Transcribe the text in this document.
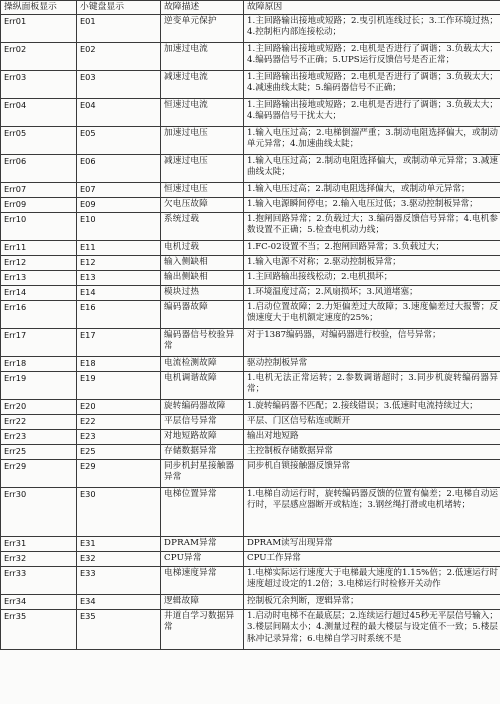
操纵面板显示	小键盘显示	故障描述	故障原因
Err01	E01	逆变单元保护	1.主回路输出接地或短路；2.曳引机连线过长；3.工作环境过热；4.控制柜内部连接松动；
Err02	E02	加速过电流	1.主回路输出接地或短路；2.电机是否进行了调谐；3.负载太大；4.编码器信号不正确；5.UPS运行反馈信号是否正常；
Err03	E03	减速过电流	1.主回路输出接地或短路；2.电机是否进行了调谐；3.负载太大；4.减速曲线太陡；5.编码器信号不正确；
Err04	E04	恒速过电流	1.主回路输出接地或短路；2.电机是否进行了调谐；3.负载太大；4.编码器信号干扰太大；
Err05	E05	加速过电压	1.输入电压过高；2.电梯倒溜严重；3.制动电阻选择偏大，或制动单元异常；4.加速曲线太陡；
Err06	E06	减速过电压	1.输入电压过高；2.制动电阻选择偏大，或制动单元异常；3.减速曲线太陡；
Err07	E07	恒速过电压	1.输入电压过高；2.制动电阻选择偏大，或制动单元异常；
Err09	E09	欠电压故障	1.输入电源瞬间停电；2.输入电压过低；3.驱动控制板异常；
Err10	E10	系统过载	1.抱闸回路异常；2.负载过大；3.编码器反馈信号异常；4.电机参数设置不正确；5.检查电机动力线；
Err11	E11	电机过载	1.FC-02设置不当；2.抱闸回路异常；3.负载过大；
Err12	E12	输入侧缺相	1.输入电源不对称；2.驱动控制板异常；
Err13	E13	输出侧缺相	1.主回路输出接线松动；2.电机损坏；
Err14	E14	模块过热	1.环境温度过高；2.风扇损坏；3.风道堵塞；
Err16	E16	编码器故障	1.启动位置故障；2.力矩偏差过大故障；3.速度偏差过大报警；反馈速度大于电机额定速度的25%；
Err17	E17	编码器信号校验异常	对于1387编码器，对编码器进行校验，信号异常；
Err18	E18	电流检测故障	驱动控制板异常
Err19	E19	电机调谐故障	1.电机无法正常运转；2.参数调谐超时；3.同步机旋转编码器异常；
Err20	E20	旋转编码器故障	1.旋转编码器不匹配；2.接线错误；3.低速时电流持续过大；
Err22	E22	平层信号异常	平层、门区信号粘连或断开
Err23	E23	对地短路故障	输出对地短路
Err25	E25	存储数据异常	主控制板存储数据异常
Err29	E29	同步机封星接触器异常	同步机自锁接触器反馈异常
Err30	E30	电梯位置异常	1.电梯自动运行时，旋转编码器反馈的位置有偏差；2.电梯自动运行时，平层感应器断开或粘连；3.钢丝绳打滑或电机堵转；
Err31	E31	DPRAM异常	DPRAM读写出现异常
Err32	E32	CPU异常	CPU工作异常
Err33	E33	电梯速度异常	1.电梯实际运行速度大于电梯最大速度的1.15%倍；2.低速运行时速度超过设定的1.2倍；3.电梯运行时检修开关动作
Err34	E34	逻辑故障	控制板冗余判断，逻辑异常；
Err35	E35	井道自学习数据异常	1.启动时电梯不在最底层；2.连续运行超过45秒无平层信号输入；3.楼层间隔太小；4.测量过程的最大楼层与设定值不一致；5.楼层脉冲记录异常；6.电梯自学习时系统不是
